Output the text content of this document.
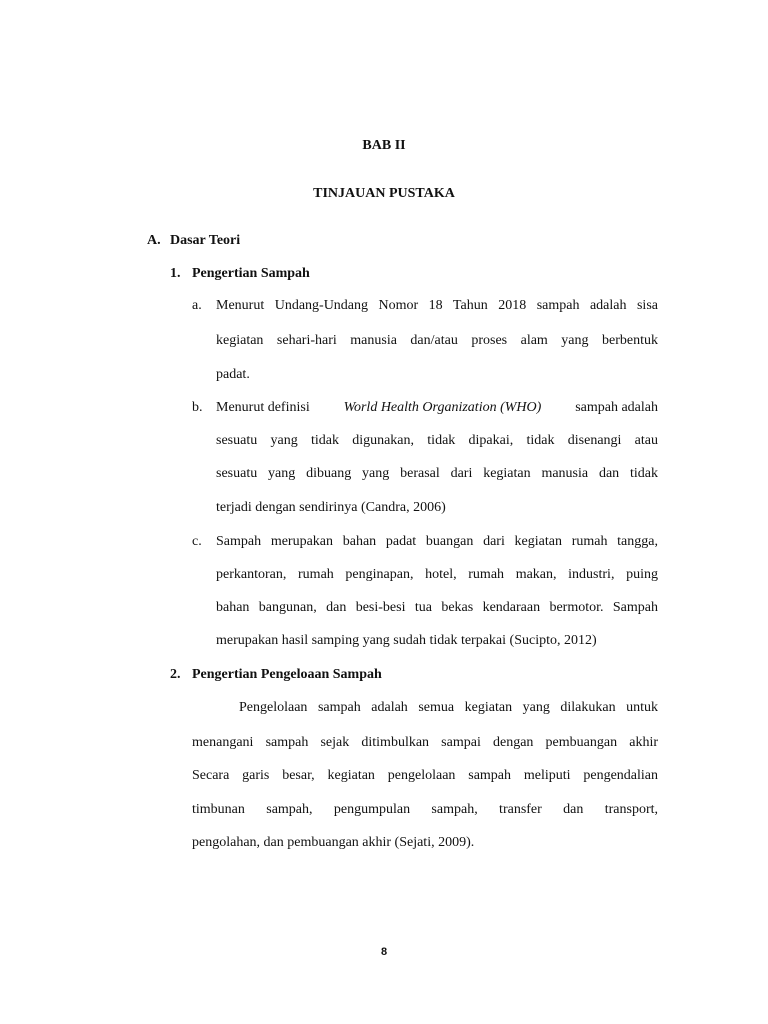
BAB II
TINJAUAN PUSTAKA
A. Dasar Teori
1. Pengertian Sampah
a. Menurut Undang-Undang Nomor 18 Tahun 2018 sampah adalah sisa
kegiatan sehari-hari manusia dan/atau proses alam yang berbentuk
padat.
b. Menurut definisi World Health Organization (WHO) sampah adalah
sesuatu yang tidak digunakan, tidak dipakai, tidak disenangi atau
sesuatu yang dibuang yang berasal dari kegiatan manusia dan tidak
terjadi dengan sendirinya (Candra, 2006)
c. Sampah merupakan bahan padat buangan dari kegiatan rumah tangga,
perkantoran, rumah penginapan, hotel, rumah makan, industri, puing
bahan bangunan, dan besi-besi tua bekas kendaraan bermotor. Sampah
merupakan hasil samping yang sudah tidak terpakai (Sucipto, 2012)
2. Pengertian Pengeloaan Sampah
Pengelolaan sampah adalah semua kegiatan yang dilakukan untuk
menangani sampah sejak ditimbulkan sampai dengan pembuangan akhir
Secara garis besar, kegiatan pengelolaan sampah meliputi pengendalian
timbunan sampah, pengumpulan sampah, transfer dan transport,
pengolahan, dan pembuangan akhir (Sejati, 2009).
8
